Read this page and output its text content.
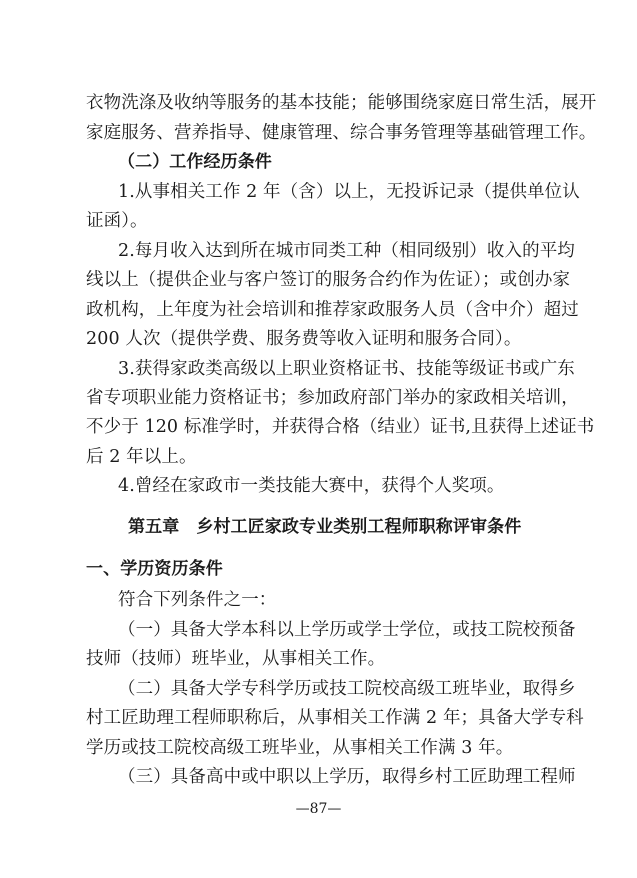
衣物洗涤及收纳等服务的基本技能；能够围绕家庭日常生活，展开
家庭服务、营养指导、健康管理、综合事务管理等基础管理工作。
（二）工作经历条件
1.从事相关工作 2 年（含）以上，无投诉记录（提供单位认
证函）。
2.每月收入达到所在城市同类工种（相同级别）收入的平均
线以上（提供企业与客户签订的服务合约作为佐证）；或创办家
政机构，上年度为社会培训和推荐家政服务人员（含中介）超过
200 人次（提供学费、服务费等收入证明和服务合同）。
3.获得家政类高级以上职业资格证书、技能等级证书或广东
省专项职业能力资格证书；参加政府部门举办的家政相关培训，
不少于 120 标准学时，并获得合格（结业）证书,且获得上述证书
后 2 年以上。
4.曾经在家政市一类技能大赛中，获得个人奖项。
第五章　乡村工匠家政专业类别工程师职称评审条件
一、学历资历条件
符合下列条件之一：
（一）具备大学本科以上学历或学士学位，或技工院校预备
技师（技师）班毕业，从事相关工作。
（二）具备大学专科学历或技工院校高级工班毕业，取得乡
村工匠助理工程师职称后，从事相关工作满 2 年；具备大学专科
学历或技工院校高级工班毕业，从事相关工作满 3 年。
（三）具备高中或中职以上学历，取得乡村工匠助理工程师
—87—
